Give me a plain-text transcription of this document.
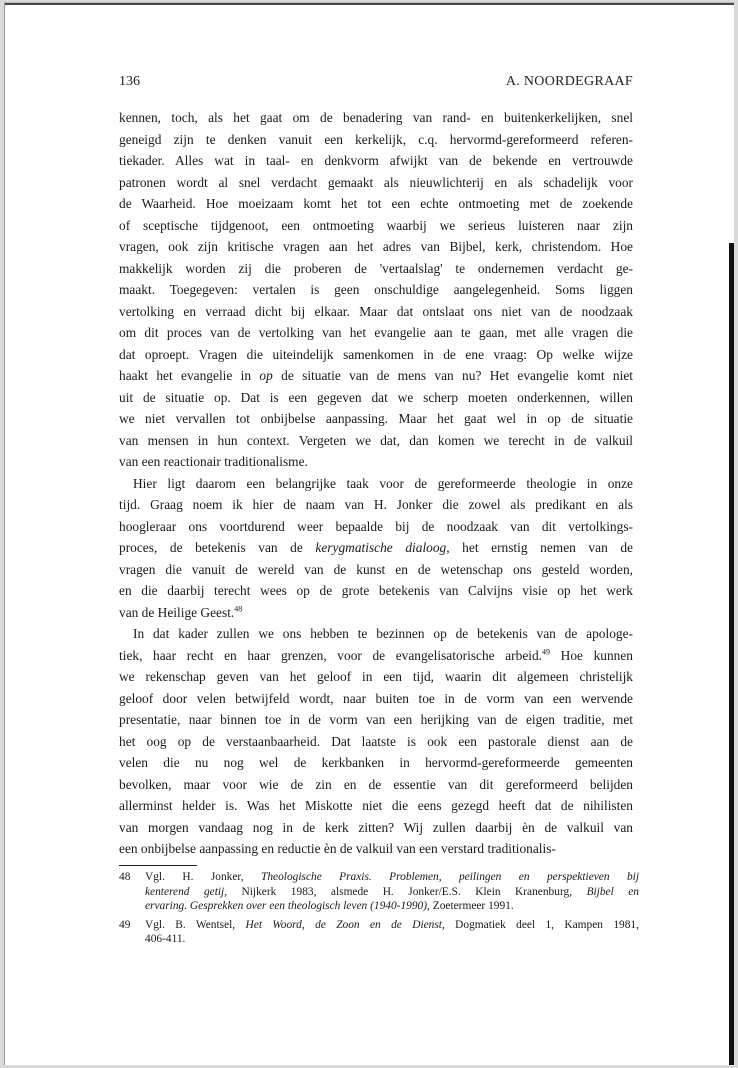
136	A. NOORDEGRAAF
kennen, toch, als het gaat om de benadering van rand- en buitenkerkelijken, snel
geneigd zijn te denken vanuit een kerkelijk, c.q. hervormd-gereformeerd referen-
tiekader. Alles wat in taal- en denkvorm afwijkt van de bekende en vertrouwde
patronen wordt al snel verdacht gemaakt als nieuwlichterij en als schadelijk voor
de Waarheid. Hoe moeizaam komt het tot een echte ontmoeting met de zoekende
of sceptische tijdgenoot, een ontmoeting waarbij we serieus luisteren naar zijn
vragen, ook zijn kritische vragen aan het adres van Bijbel, kerk, christendom. Hoe
makkelijk worden zij die proberen de 'vertaalslag' te ondernemen verdacht ge-
maakt. Toegegeven: vertalen is geen onschuldige aangelegenheid. Soms liggen
vertolking en verraad dicht bij elkaar. Maar dat ontslaat ons niet van de noodzaak
om dit proces van de vertolking van het evangelie aan te gaan, met alle vragen die
dat oproept. Vragen die uiteindelijk samenkomen in de ene vraag: Op welke wijze
haakt het evangelie in op de situatie van de mens van nu? Het evangelie komt niet
uit de situatie op. Dat is een gegeven dat we scherp moeten onderkennen, willen
we niet vervallen tot onbijbelse aanpassing. Maar het gaat wel in op de situatie
van mensen in hun context. Vergeten we dat, dan komen we terecht in de valkuil
van een reactionair traditionalisme.
Hier ligt daarom een belangrijke taak voor de gereformeerde theologie in onze
tijd. Graag noem ik hier de naam van H. Jonker die zowel als predikant en als
hoogleraar ons voortdurend weer bepaalde bij de noodzaak van dit vertolkings-
proces, de betekenis van de kerygmatische dialoog, het ernstig nemen van de
vragen die vanuit de wereld van de kunst en de wetenschap ons gesteld worden,
en die daarbij terecht wees op de grote betekenis van Calvijns visie op het werk
van de Heilige Geest.$^{48}$
In dat kader zullen we ons hebben te bezinnen op de betekenis van de apologe-
tiek, haar recht en haar grenzen, voor de evangelisatorische arbeid.$^{49}$ Hoe kunnen
we rekenschap geven van het geloof in een tijd, waarin dit algemeen christelijk
geloof door velen betwijfeld wordt, naar buiten toe in de vorm van een wervende
presentatie, naar binnen toe in de vorm van een herijking van de eigen traditie, met
het oog op de verstaanbaarheid. Dat laatste is ook een pastorale dienst aan de
velen die nu nog wel de kerkbanken in hervormd-gereformeerde gemeenten
bevolken, maar voor wie de zin en de essentie van dit gereformeerd belijden
allerminst helder is. Was het Miskotte niet die eens gezegd heeft dat de nihilisten
van morgen vandaag nog in de kerk zitten? Wij zullen daarbij èn de valkuil van
een onbijbelse aanpassing en reductie èn de valkuil van een verstard traditionalis-
48 Vgl. H. Jonker, Theologische Praxis. Problemen, peilingen en perspektieven bij
kenterend getij, Nijkerk 1983, alsmede H. Jonker/E.S. Klein Kranenburg, Bijbel en
ervaring. Gesprekken over een theologisch leven (1940-1990), Zoetermeer 1991.
49 Vgl. B. Wentsel, Het Woord, de Zoon en de Dienst, Dogmatiek deel 1, Kampen 1981,
406-411.
